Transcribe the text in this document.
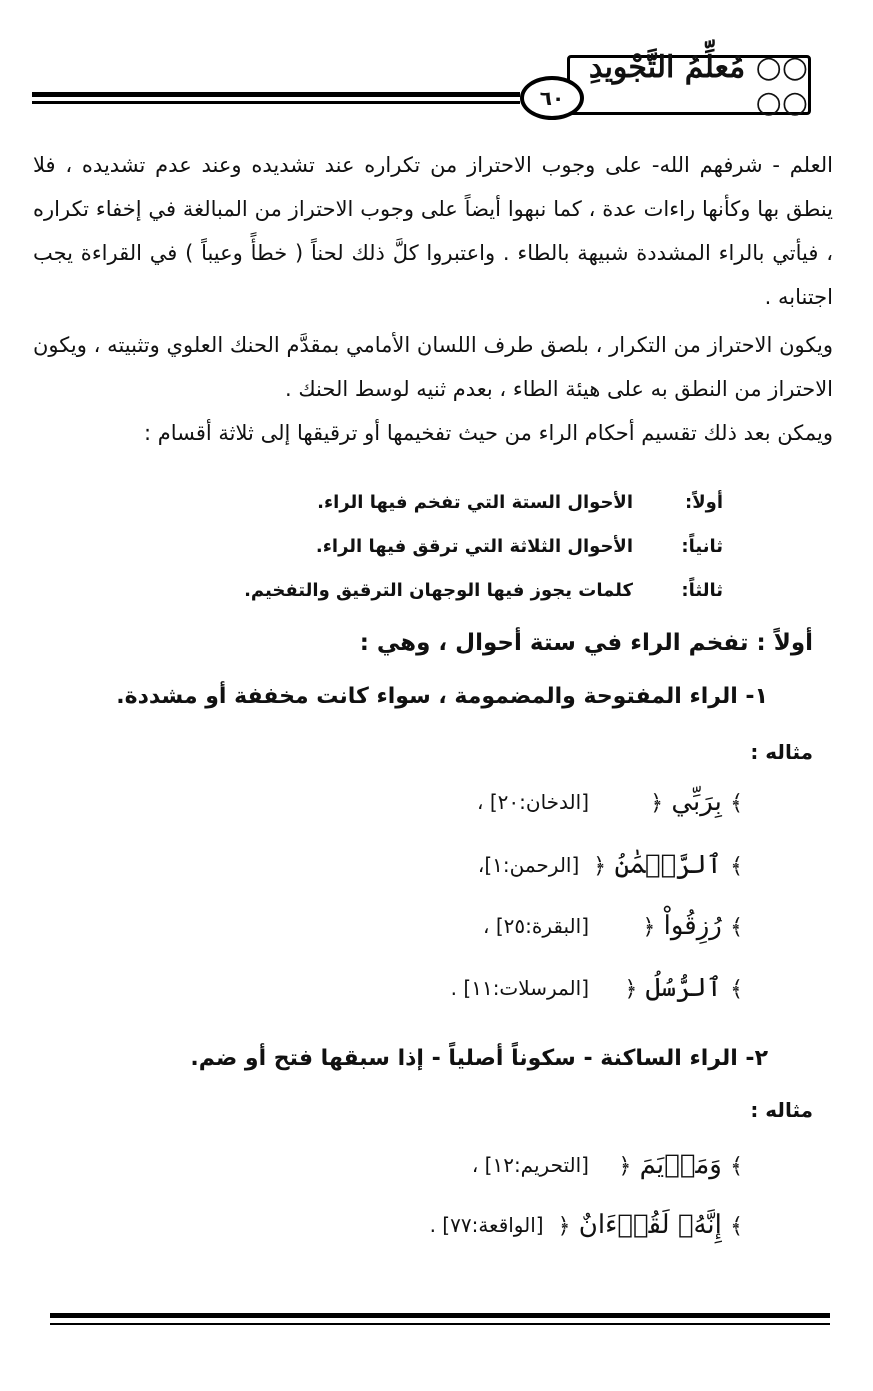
○○ مُعلِّمُ التَّجْويدِ ○○
٦٠

العلم - شرفهم الله- على وجوب الاحتراز من تكراره عند تشديده وعند عدم تشديده ، فلا ينطق بها وكأنها راءات عدة ، كما نبهوا أيضاً على وجوب الاحتراز من المبالغة في إخفاء تكراره ، فيأتي بالراء المشددة شبيهة بالطاء . واعتبروا كلَّ ذلك لحناً ( خطأً وعيباً ) في القراءة يجب اجتنابه .

ويكون الاحتراز من التكرار ، بلصق طرف اللسان الأمامي بمقدَّم الحنك العلوي وتثبيته ، ويكون الاحتراز من النطق به على هيئة الطاء ، بعدم ثنيه لوسط الحنك .

ويمكن بعد ذلك تقسيم أحكام الراء من حيث تفخيمها أو ترقيقها إلى ثلاثة أقسام :

أولاً:
الأحوال الستة التي تفخم فيها الراء.
ثانياً:
الأحوال الثلاثة التي ترقق فيها الراء.
ثالثاً:
كلمات يجوز فيها الوجهان الترقيق والتفخيم.
أولاً : تفخم الراء في ستة أحوال ، وهي :
١- الراء المفتوحة والمضمومة ، سواء كانت مخففة أو مشددة.
مثاله :
﴾ بِرَبِّي ﴿
[الدخان:٢٠] ،
﴾ ٱلرَّحۡمَٰنُ ﴿
[الرحمن:١]،
﴾ رُزِقُواْ ﴿
[البقرة:٢٥] ،
﴾ ٱلرُّسُلُ ﴿
[المرسلات:١١] .
٢- الراء الساكنة - سكوناً أصلياً - إذا سبقها فتح أو ضم.
مثاله :
﴾ وَمَرۡيَمَ ﴿
[التحريم:١٢] ،
﴾ إِنَّهُۥ لَقُرۡءَانٌ ﴿
[الواقعة:٧٧] .
